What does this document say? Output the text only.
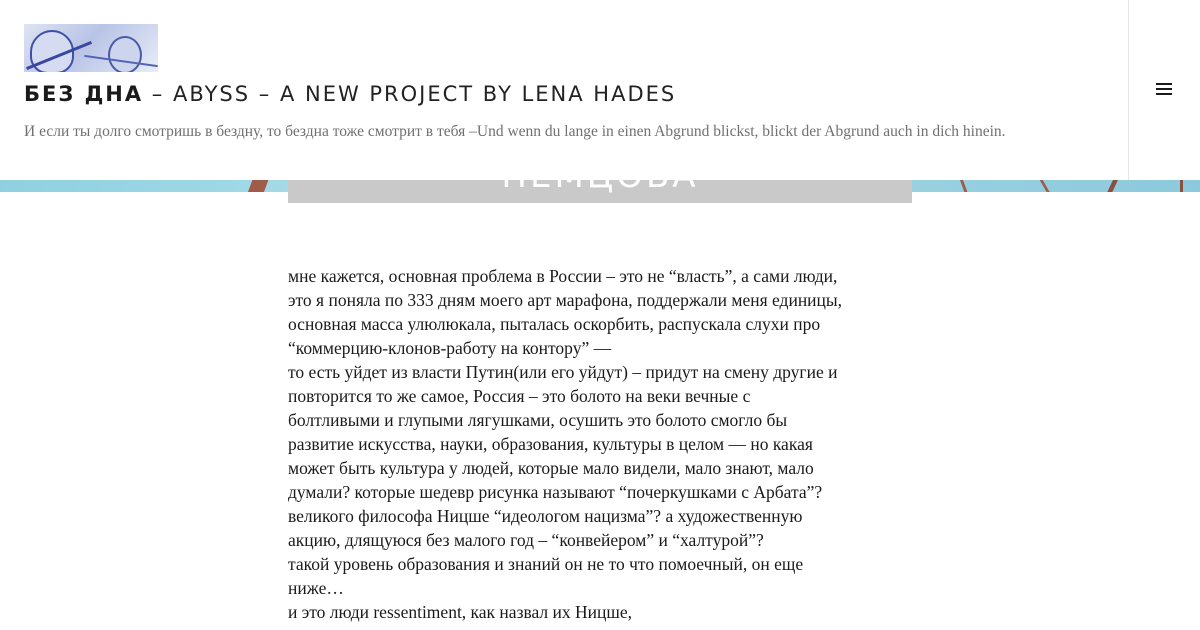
БЕЗ ДНА – ABYSS – A NEW PROJECT BY LENA HADES

И если ты долго смотришь в бездну, то бездна тоже смотрит в тебя –Und wenn du lange in einen Abgrund blickst, blickt der Abgrund auch in dich hinein.

мне кажется, основная проблема в России – это не “власть”, а сами люди,

это я поняла по 333 дням моего арт марафона, поддержали меня единицы,

основная масса улюлюкала, пыталась оскорбить, распускала слухи про

“коммерцию-клонов-работу на контору” —

то есть уйдет из власти Путин(или его уйдут) – придут на смену другие и

повторится то же самое, Россия – это болото на веки вечные с

болтливыми и глупыми лягушками, осушить это болото смогло бы

развитие искусства, науки, образования, культуры в целом — но какая

может быть культура у людей, которые мало видели, мало знают, мало

думали? которые шедевр рисунка называют “почеркушками с Арбата”?

великого философа Ницше “идеологом нацизма”? а художественную

акцию, длящуюся без малого год – “конвейером” и “халтурой”?

такой уровень образования и знаний он не то что помоечный, он еще

ниже…

и это люди ressentiment, как назвал их Ницше,
